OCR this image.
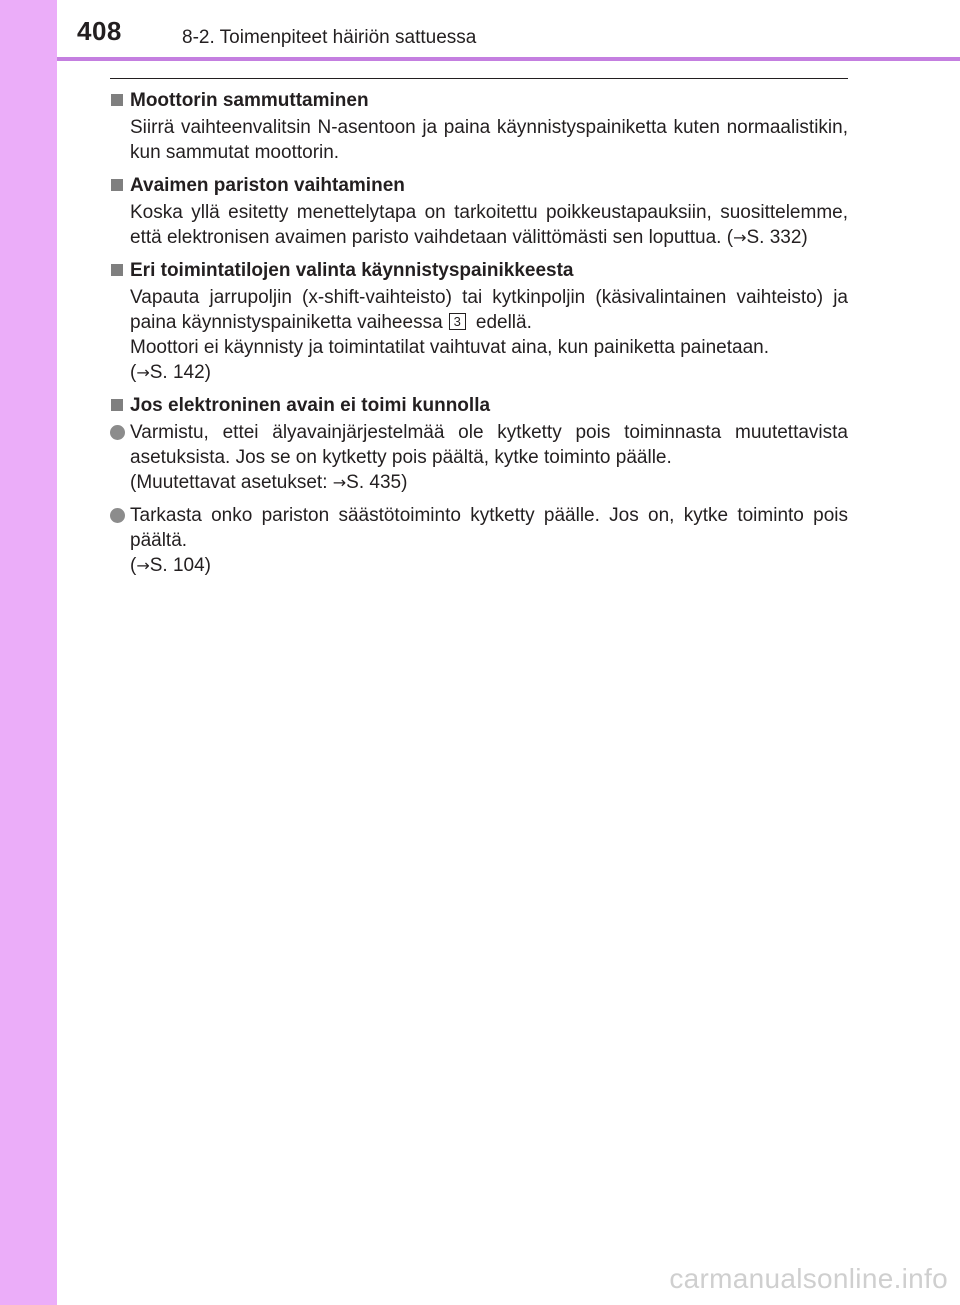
408	8-2. Toimenpiteet häiriön sattuessa
Moottorin sammuttaminen
Siirrä vaihteenvalitsin N-asentoon ja paina käynnistyspainiketta kuten normaalistikin, kun sammutat moottorin.
Avaimen pariston vaihtaminen
Koska yllä esitetty menettelytapa on tarkoitettu poikkeustapauksiin, suosittelemme, että elektronisen avaimen paristo vaihdetaan välittömästi sen loputtua. (→S. 332)
Eri toimintatilojen valinta käynnistyspainikkeesta

Vapauta jarrupoljin (x-shift-vaihteisto) tai kytkinpoljin (käsivalintainen vaihteisto) ja paina käynnistyspainiketta vaiheessa 3 edellä.

Moottori ei käynnisty ja toimintatilat vaihtuvat aina, kun painiketta painetaan.

(→S. 142)

Jos elektroninen avain ei toimi kunnolla
Varmistu, ettei älyavainjärjestelmää ole kytketty pois toiminnasta muutettavista asetuksista. Jos se on kytketty pois päältä, kytke toiminto päälle.
(Muutettavat asetukset: →S. 435)
Tarkasta onko pariston säästötoiminto kytketty päälle. Jos on, kytke toiminto pois päältä.
(→S. 104)
carmanualsonline.info
